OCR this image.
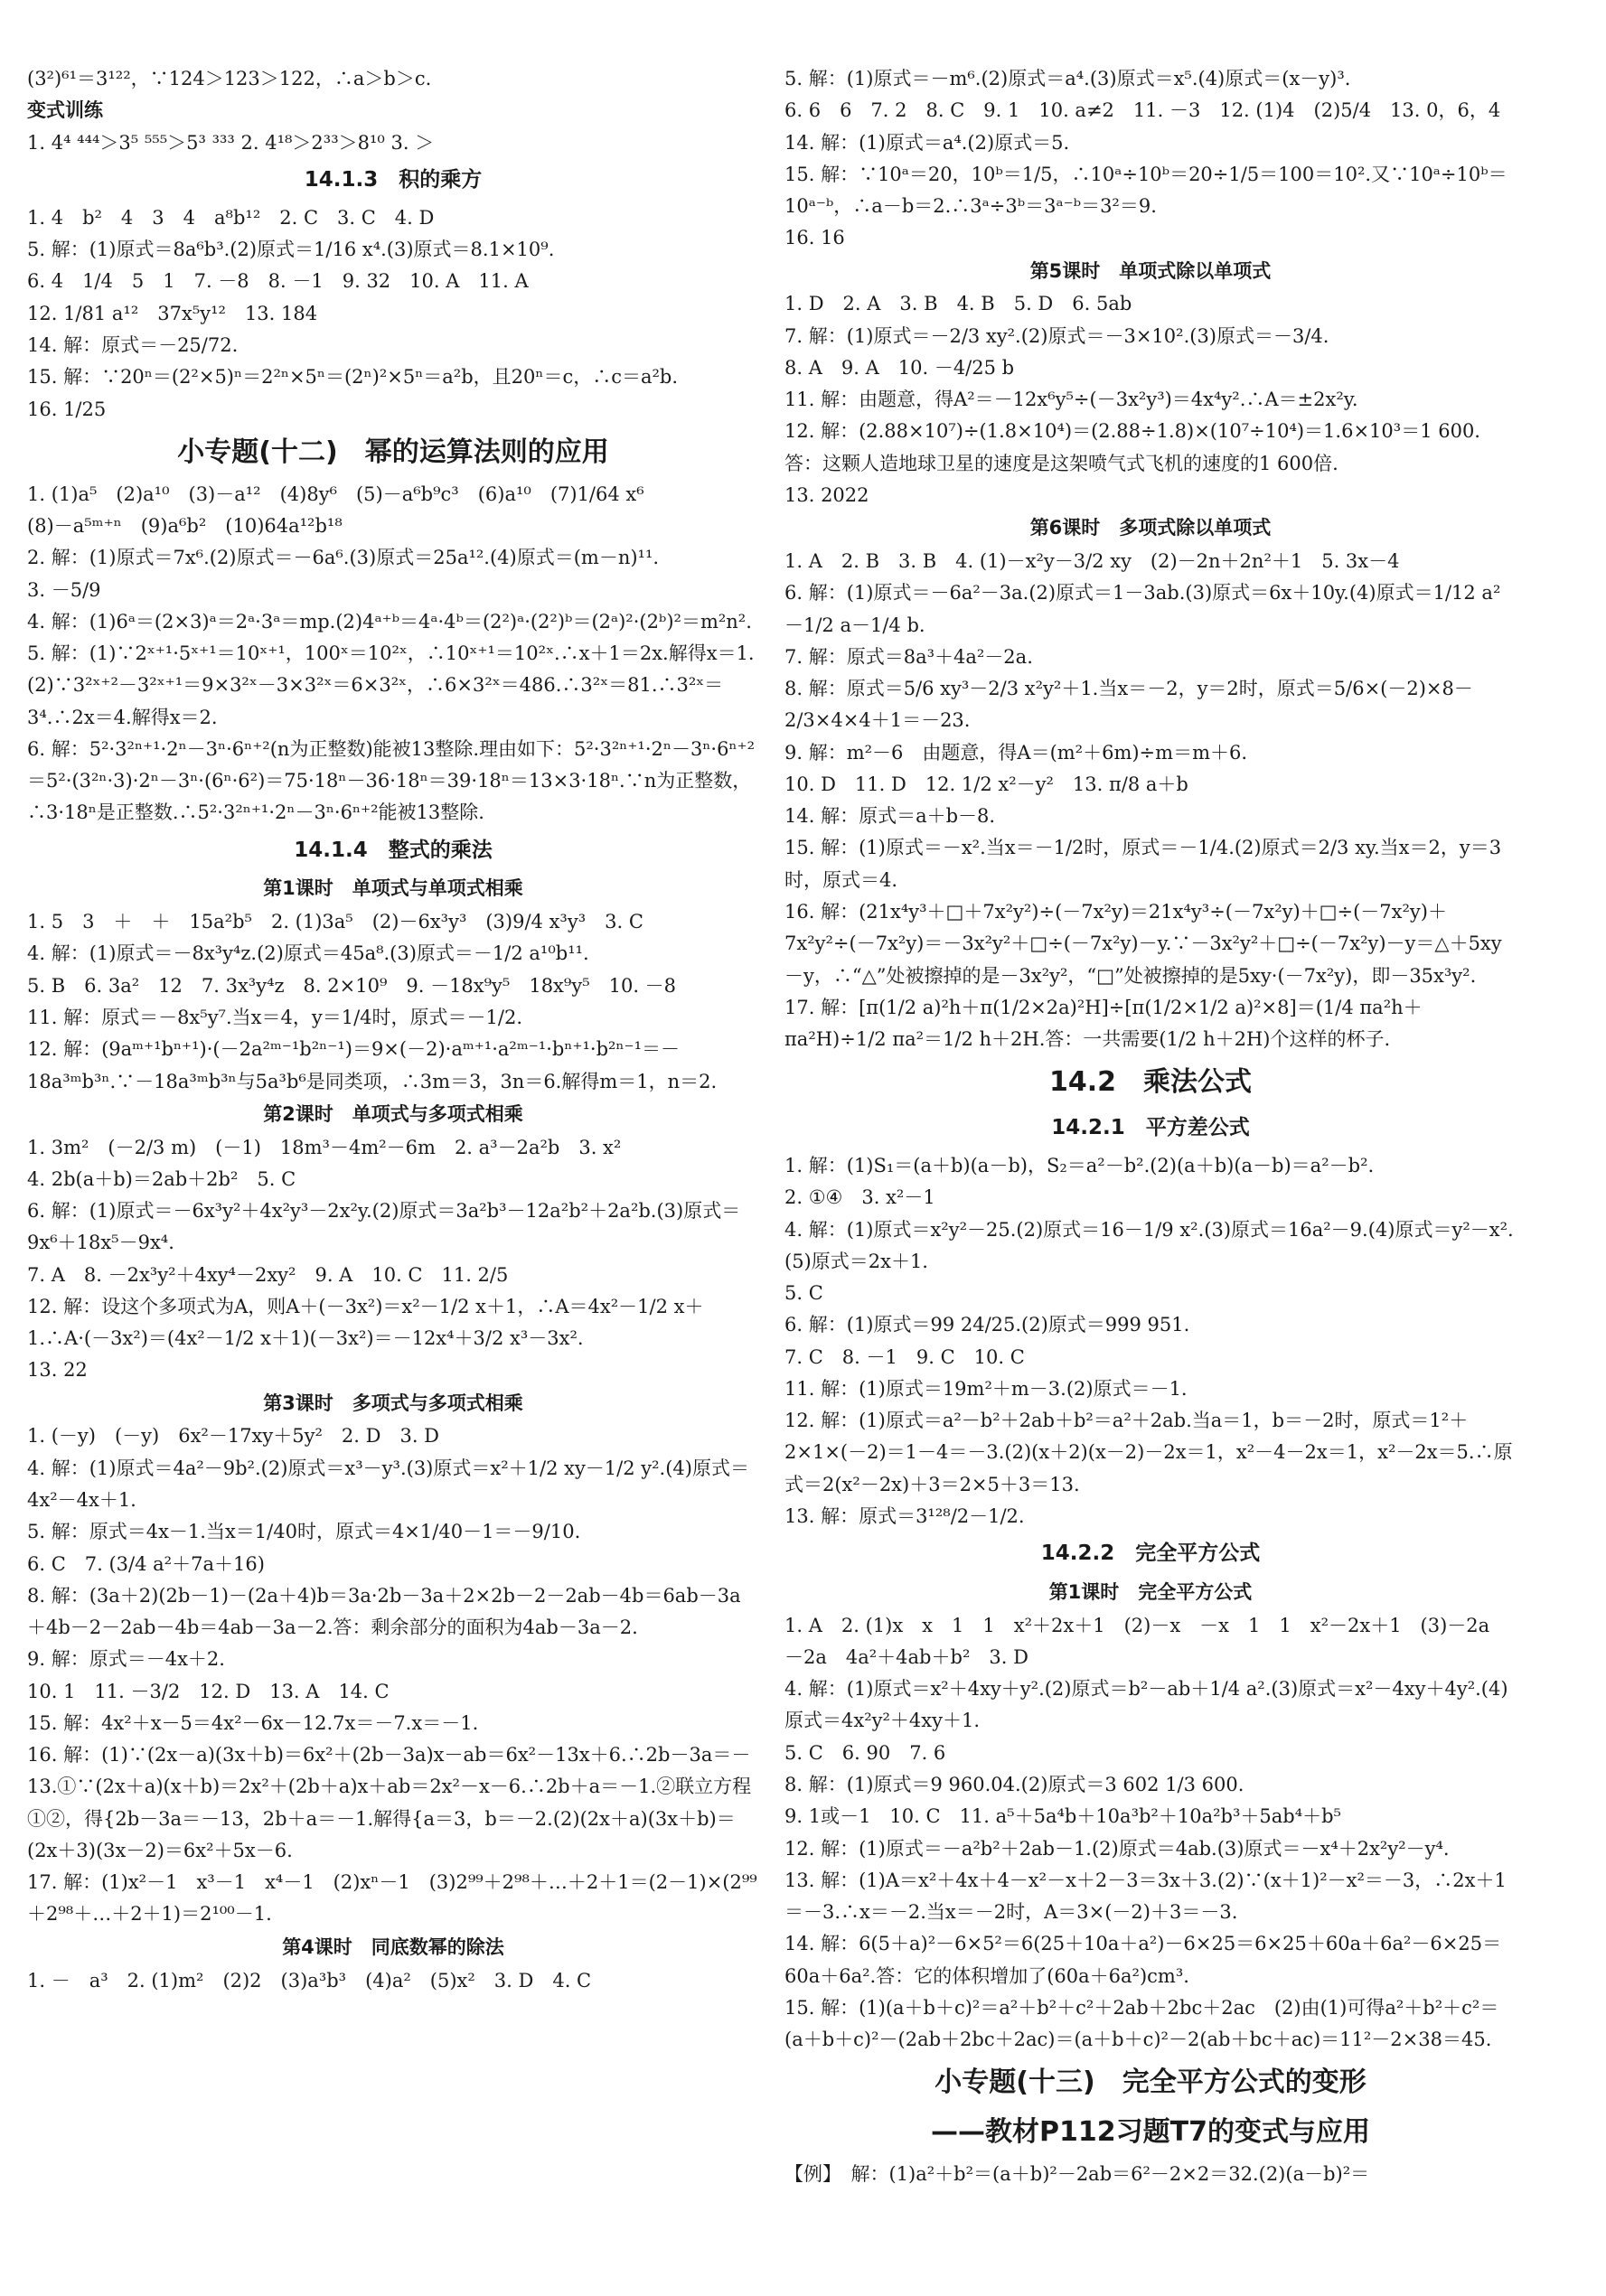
(3²)⁶¹＝3¹²²，∵124＞123＞122，∴a＞b＞c.

变式训练

1. 4⁴ ⁴⁴⁴＞3⁵ ⁵⁵⁵＞5³ ³³³ 2. 4¹⁸＞2³³＞8¹⁰ 3. ＞

14.1.3　积的乘方

1. 4　b²　4　3　4　a⁸b¹²　2. C　3. C　4. D

5. 解：(1)原式＝8a⁶b³.(2)原式＝1/16 x⁴.(3)原式＝8.1×10⁹.

6. 4　1/4　5　1　7. －8　8. －1　9. 32　10. A　11. A

12. 1/81 a¹²　37x⁵y¹²　13. 184

14. 解：原式＝－25/72.

15. 解：∵20ⁿ＝(2²×5)ⁿ＝2²ⁿ×5ⁿ＝(2ⁿ)²×5ⁿ＝a²b，且20ⁿ＝c，∴c＝a²b.

16. 1/25

小专题(十二)　幂的运算法则的应用

1. (1)a⁵　(2)a¹⁰　(3)－a¹²　(4)8y⁶　(5)－a⁶b⁹c³　(6)a¹⁰　(7)1/64 x⁶

(8)－a⁵ᵐ⁺ⁿ　(9)a⁶b²　(10)64a¹²b¹⁸

2. 解：(1)原式＝7x⁶.(2)原式＝－6a⁶.(3)原式＝25a¹².(4)原式＝(m－n)¹¹.

3. －5/9

4. 解：(1)6ᵃ＝(2×3)ᵃ＝2ᵃ·3ᵃ＝mp.(2)4ᵃ⁺ᵇ＝4ᵃ·4ᵇ＝(2²)ᵃ·(2²)ᵇ＝(2ᵃ)²·(2ᵇ)²＝m²n².

5. 解：(1)∵2ˣ⁺¹·5ˣ⁺¹＝10ˣ⁺¹，100ˣ＝10²ˣ，∴10ˣ⁺¹＝10²ˣ.∴x＋1＝2x.解得x＝1.(2)∵3²ˣ⁺²－3²ˣ⁺¹＝9×3²ˣ－3×3²ˣ＝6×3²ˣ，∴6×3²ˣ＝486.∴3²ˣ＝81.∴3²ˣ＝3⁴.∴2x＝4.解得x＝2.

6. 解：5²·3²ⁿ⁺¹·2ⁿ－3ⁿ·6ⁿ⁺²(n为正整数)能被13整除.理由如下：5²·3²ⁿ⁺¹·2ⁿ－3ⁿ·6ⁿ⁺²＝5²·(3²ⁿ·3)·2ⁿ－3ⁿ·(6ⁿ·6²)＝75·18ⁿ－36·18ⁿ＝39·18ⁿ＝13×3·18ⁿ.∵n为正整数，∴3·18ⁿ是正整数.∴5²·3²ⁿ⁺¹·2ⁿ－3ⁿ·6ⁿ⁺²能被13整除.

14.1.4　整式的乘法

第1课时　单项式与单项式相乘

1. 5　3　＋　＋　15a²b⁵　2. (1)3a⁵　(2)－6x³y³　(3)9/4 x³y³　3. C

4. 解：(1)原式＝－8x³y⁴z.(2)原式＝45a⁸.(3)原式＝－1/2 a¹⁰b¹¹.

5. B　6. 3a²　12　7. 3x³y⁴z　8. 2×10⁹　9. －18x⁹y⁵　18x⁹y⁵　10. －8

11. 解：原式＝－8x⁵y⁷.当x＝4，y＝1/4时，原式＝－1/2.

12. 解：(9aᵐ⁺¹bⁿ⁺¹)·(－2a²ᵐ⁻¹b²ⁿ⁻¹)＝9×(－2)·aᵐ⁺¹·a²ᵐ⁻¹·bⁿ⁺¹·b²ⁿ⁻¹＝－18a³ᵐb³ⁿ.∵－18a³ᵐb³ⁿ与5a³b⁶是同类项，∴3m＝3，3n＝6.解得m＝1，n＝2.

第2课时　单项式与多项式相乘

1. 3m²　(－2/3 m)　(－1)　18m³－4m²－6m　2. a³－2a²b　3. x²

4. 2b(a＋b)＝2ab＋2b²　5. C

6. 解：(1)原式＝－6x³y²＋4x²y³－2x²y.(2)原式＝3a²b³－12a²b²＋2a²b.(3)原式＝9x⁶＋18x⁵－9x⁴.

7. A　8. －2x³y²＋4xy⁴－2xy²　9. A　10. C　11. 2/5

12. 解：设这个多项式为A，则A＋(－3x²)＝x²－1/2 x＋1，∴A＝4x²－1/2 x＋1.∴A·(－3x²)＝(4x²－1/2 x＋1)(－3x²)＝－12x⁴＋3/2 x³－3x².

13. 22

第3课时　多项式与多项式相乘

1. (－y)　(－y)　6x²－17xy＋5y²　2. D　3. D

4. 解：(1)原式＝4a²－9b².(2)原式＝x³－y³.(3)原式＝x²＋1/2 xy－1/2 y².(4)原式＝4x²－4x＋1.

5. 解：原式＝4x－1.当x＝1/40时，原式＝4×1/40－1＝－9/10.

6. C　7. (3/4 a²＋7a＋16)

8. 解：(3a＋2)(2b－1)－(2a＋4)b＝3a·2b－3a＋2×2b－2－2ab－4b＝6ab－3a＋4b－2－2ab－4b＝4ab－3a－2.答：剩余部分的面积为4ab－3a－2.

9. 解：原式＝－4x＋2.

10. 1　11. －3/2　12. D　13. A　14. C

15. 解：4x²＋x－5＝4x²－6x－12.7x＝－7.x＝－1.

16. 解：(1)∵(2x－a)(3x＋b)＝6x²＋(2b－3a)x－ab＝6x²－13x＋6.∴2b－3a＝－13.①∵(2x＋a)(x＋b)＝2x²＋(2b＋a)x＋ab＝2x²－x－6.∴2b＋a＝－1.②联立方程①②，得{2b－3a＝－13，2b＋a＝－1.解得{a＝3，b＝－2.(2)(2x＋a)(3x＋b)＝(2x＋3)(3x－2)＝6x²＋5x－6.

17. 解：(1)x²－1　x³－1　x⁴－1　(2)xⁿ－1　(3)2⁹⁹＋2⁹⁸＋…＋2＋1＝(2－1)×(2⁹⁹＋2⁹⁸＋…＋2＋1)＝2¹⁰⁰－1.

第4课时　同底数幂的除法

1. －　a³　2. (1)m²　(2)2　(3)a³b³　(4)a²　(5)x²　3. D　4. C

5. 解：(1)原式＝－m⁶.(2)原式＝a⁴.(3)原式＝x⁵.(4)原式＝(x－y)³.

6. 6　6　7. 2　8. C　9. 1　10. a≠2　11. －3　12. (1)4　(2)5/4　13. 0，6，4

14. 解：(1)原式＝a⁴.(2)原式＝5.

15. 解：∵10ᵃ＝20，10ᵇ＝1/5，∴10ᵃ÷10ᵇ＝20÷1/5＝100＝10².又∵10ᵃ÷10ᵇ＝10ᵃ⁻ᵇ，∴a－b＝2.∴3ᵃ÷3ᵇ＝3ᵃ⁻ᵇ＝3²＝9.

16. 16

第5课时　单项式除以单项式

1. D　2. A　3. B　4. B　5. D　6. 5ab

7. 解：(1)原式＝－2/3 xy².(2)原式＝－3×10².(3)原式＝－3/4.

8. A　9. A　10. －4/25 b

11. 解：由题意，得A²＝－12x⁶y⁵÷(－3x²y³)＝4x⁴y².∴A＝±2x²y.

12. 解：(2.88×10⁷)÷(1.8×10⁴)＝(2.88÷1.8)×(10⁷÷10⁴)＝1.6×10³＝1 600.答：这颗人造地球卫星的速度是这架喷气式飞机的速度的1 600倍.

13. 2022

第6课时　多项式除以单项式

1. A　2. B　3. B　4. (1)－x²y－3/2 xy　(2)－2n＋2n²＋1　5. 3x－4

6. 解：(1)原式＝－6a²－3a.(2)原式＝1－3ab.(3)原式＝6x＋10y.(4)原式＝1/12 a²－1/2 a－1/4 b.

7. 解：原式＝8a³＋4a²－2a.

8. 解：原式＝5/6 xy³－2/3 x²y²＋1.当x＝－2，y＝2时，原式＝5/6×(－2)×8－2/3×4×4＋1＝－23.

9. 解：m²－6　由题意，得A＝(m²＋6m)÷m＝m＋6.

10. D　11. D　12. 1/2 x²－y²　13. π/8 a＋b

14. 解：原式＝a＋b－8.

15. 解：(1)原式＝－x².当x＝－1/2时，原式＝－1/4.(2)原式＝2/3 xy.当x＝2，y＝3时，原式＝4.

16. 解：(21x⁴y³＋□＋7x²y²)÷(－7x²y)＝21x⁴y³÷(－7x²y)＋□÷(－7x²y)＋7x²y²÷(－7x²y)＝－3x²y²＋□÷(－7x²y)－y.∵－3x²y²＋□÷(－7x²y)－y＝△＋5xy－y，∴“△”处被擦掉的是－3x²y²，“□”处被擦掉的是5xy·(－7x²y)，即－35x³y².

17. 解：[π(1/2 a)²h＋π(1/2×2a)²H]÷[π(1/2×1/2 a)²×8]＝(1/4 πa²h＋πa²H)÷1/2 πa²＝1/2 h＋2H.答：一共需要(1/2 h＋2H)个这样的杯子.

14.2　乘法公式

14.2.1　平方差公式

1. 解：(1)S₁＝(a＋b)(a－b)，S₂＝a²－b².(2)(a＋b)(a－b)＝a²－b².

2. ①④　3. x²－1

4. 解：(1)原式＝x²y²－25.(2)原式＝16－1/9 x².(3)原式＝16a²－9.(4)原式＝y²－x².(5)原式＝2x＋1.

5. C

6. 解：(1)原式＝99 24/25.(2)原式＝999 951.

7. C　8. －1　9. C　10. C

11. 解：(1)原式＝19m²＋m－3.(2)原式＝－1.

12. 解：(1)原式＝a²－b²＋2ab＋b²＝a²＋2ab.当a＝1，b＝－2时，原式＝1²＋2×1×(－2)＝1－4＝－3.(2)(x＋2)(x－2)－2x＝1，x²－4－2x＝1，x²－2x＝5.∴原式＝2(x²－2x)＋3＝2×5＋3＝13.

13. 解：原式＝3¹²⁸/2－1/2.

14.2.2　完全平方公式

第1课时　完全平方公式

1. A　2. (1)x　x　1　1　x²＋2x＋1　(2)－x　－x　1　1　x²－2x＋1　(3)－2a　－2a　4a²＋4ab＋b²　3. D

4. 解：(1)原式＝x²＋4xy＋y².(2)原式＝b²－ab＋1/4 a².(3)原式＝x²－4xy＋4y².(4)原式＝4x²y²＋4xy＋1.

5. C　6. 90　7. 6

8. 解：(1)原式＝9 960.04.(2)原式＝3 602 1/3 600.

9. 1或－1　10. C　11. a⁵＋5a⁴b＋10a³b²＋10a²b³＋5ab⁴＋b⁵

12. 解：(1)原式＝－a²b²＋2ab－1.(2)原式＝4ab.(3)原式＝－x⁴＋2x²y²－y⁴.

13. 解：(1)A＝x²＋4x＋4－x²－x＋2－3＝3x＋3.(2)∵(x＋1)²－x²＝－3，∴2x＋1＝－3.∴x＝－2.当x＝－2时，A＝3×(－2)＋3＝－3.

14. 解：6(5＋a)²－6×5²＝6(25＋10a＋a²)－6×25＝6×25＋60a＋6a²－6×25＝60a＋6a².答：它的体积增加了(60a＋6a²)cm³.

15. 解：(1)(a＋b＋c)²＝a²＋b²＋c²＋2ab＋2bc＋2ac　(2)由(1)可得a²＋b²＋c²＝(a＋b＋c)²－(2ab＋2bc＋2ac)＝(a＋b＋c)²－2(ab＋bc＋ac)＝11²－2×38＝45.

小专题(十三)　完全平方公式的变形

——教材P112习题T7的变式与应用

【例】　解：(1)a²＋b²＝(a＋b)²－2ab＝6²－2×2＝32.(2)(a－b)²＝
